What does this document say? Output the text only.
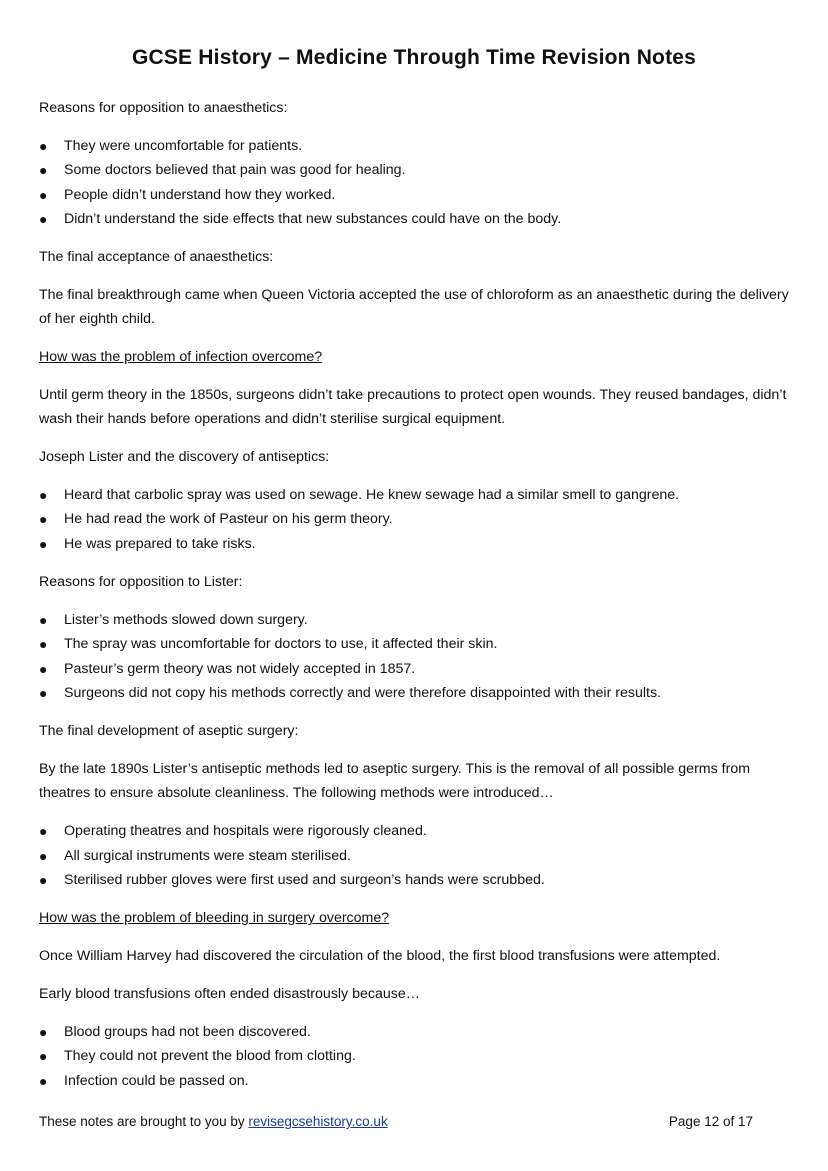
GCSE History – Medicine Through Time Revision Notes

Reasons for opposition to anaesthetics:

● They were uncomfortable for patients.
● Some doctors believed that pain was good for healing.
● People didn’t understand how they worked.
● Didn’t understand the side effects that new substances could have on the body.

The final acceptance of anaesthetics:

The final breakthrough came when Queen Victoria accepted the use of chloroform as an anaesthetic during the delivery of her eighth child.

How was the problem of infection overcome?

Until germ theory in the 1850s, surgeons didn’t take precautions to protect open wounds. They reused bandages, didn’t wash their hands before operations and didn’t sterilise surgical equipment.

Joseph Lister and the discovery of antiseptics:

● Heard that carbolic spray was used on sewage. He knew sewage had a similar smell to gangrene.
● He had read the work of Pasteur on his germ theory.
● He was prepared to take risks.

Reasons for opposition to Lister:

● Lister’s methods slowed down surgery.
● The spray was uncomfortable for doctors to use, it affected their skin.
● Pasteur’s germ theory was not widely accepted in 1857.
● Surgeons did not copy his methods correctly and were therefore disappointed with their results.

The final development of aseptic surgery:

By the late 1890s Lister’s antiseptic methods led to aseptic surgery. This is the removal of all possible germs from theatres to ensure absolute cleanliness. The following methods were introduced…

● Operating theatres and hospitals were rigorously cleaned.
● All surgical instruments were steam sterilised.
● Sterilised rubber gloves were first used and surgeon’s hands were scrubbed.

How was the problem of bleeding in surgery overcome?

Once William Harvey had discovered the circulation of the blood, the first blood transfusions were attempted.

Early blood transfusions often ended disastrously because…

● Blood groups had not been discovered.
● They could not prevent the blood from clotting.
● Infection could be passed on.
These notes are brought to you by revisegcsehistory.co.uk	Page 12 of 17
